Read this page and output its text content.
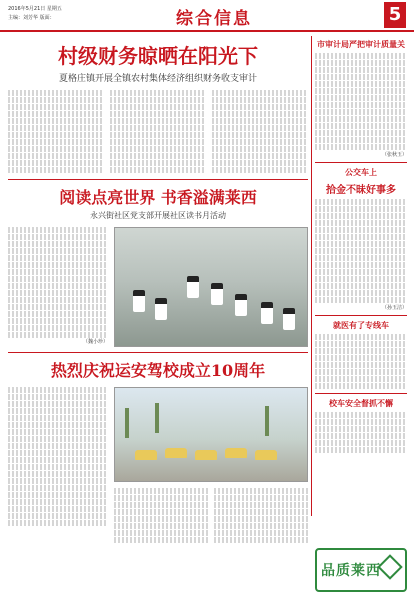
2016年5月21日 星期五
主编：刘芳华 版面：	综合信息	5
村级财务晾晒在阳光下
夏格庄镇开展全镇农村集体经济组织财务收支审计
阅读点亮世界 书香溢满莱西
永兴街社区党支部开展社区读书月活动
（魏小珍）
热烈庆祝运安驾校成立10周年
市审计局严把审计质量关
（张秋玉）
公交车上
拾金不昧好事多
（孙玉洁）
就医有了专线车
校车安全督抓不懈
品质莱西
